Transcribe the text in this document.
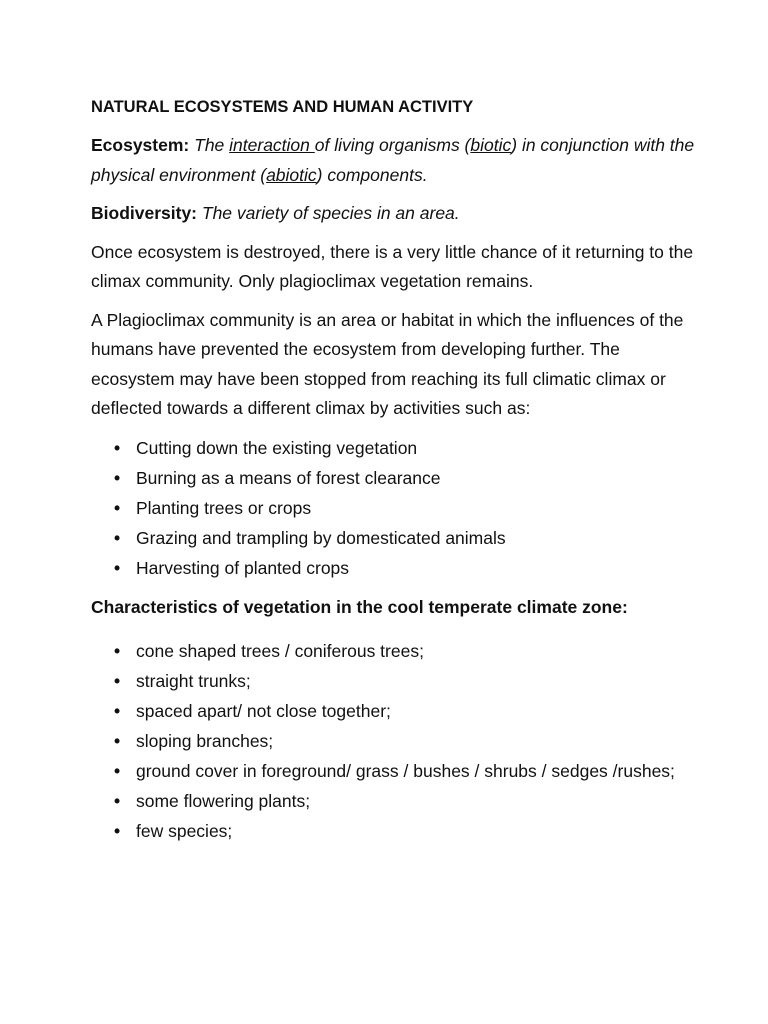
NATURAL ECOSYSTEMS AND HUMAN ACTIVITY

Ecosystem: The interaction of living organisms (biotic) in conjunction with the physical environment (abiotic) components.

Biodiversity: The variety of species in an area.

Once ecosystem is destroyed, there is a very little chance of it returning to the climax community. Only plagioclimax vegetation remains.

A Plagioclimax community is an area or habitat in which the influences of the humans have prevented the ecosystem from developing further. The ecosystem may have been stopped from reaching its full climatic climax or deflected towards a different climax by activities such as:

• Cutting down the existing vegetation
• Burning as a means of forest clearance
• Planting trees or crops
• Grazing and trampling by domesticated animals
• Harvesting of planted crops
Characteristics of vegetation in the cool temperate climate zone:
• cone shaped trees / coniferous trees;
• straight trunks;
• spaced apart/ not close together;
• sloping branches;
• ground cover in foreground/ grass / bushes / shrubs / sedges /rushes;
• some flowering plants;
• few species;
